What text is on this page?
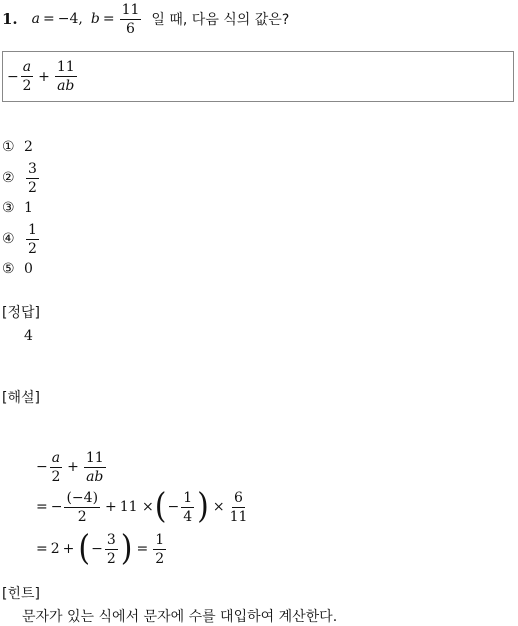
1. a = −4, $b = \frac{11}{6}$ 일 때, 다음 식의 값은?
− $\frac{a}{2} + \frac{11}{ab}$
① 2
② $\frac{3}{2}$
③ 1
④ $\frac{1}{2}$
⑤ 0
[정답]
4
[해설]
− $\frac{a}{2} + \frac{11}{ab}$
= − $\frac{(-4)}{2} + 11$ × ( − $\frac{1}{4}$ ) × $\frac{6}{11}$
= 2 + ( − $\frac{3}{2}$ ) = $\frac{1}{2}$
[힌트]
문자가 있는 식에서 문자에 수를 대입하여 계산한다.
